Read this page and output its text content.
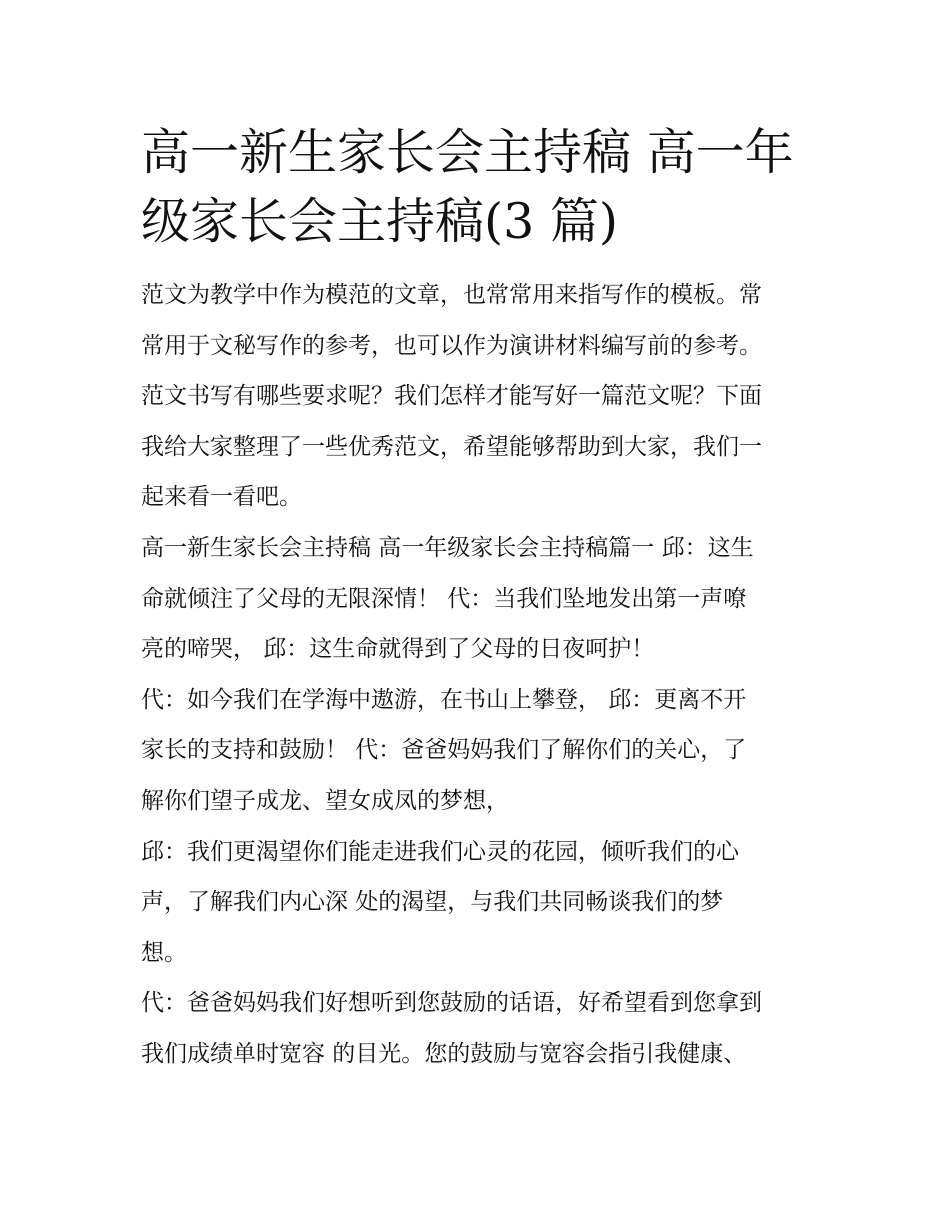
高一新生家长会主持稿 高一年
级家长会主持稿(3 篇)

范文为教学中作为模范的文章，也常常用来指写作的模板。常
常用于文秘写作的参考，也可以作为演讲材料编写前的参考。
范文书写有哪些要求呢？我们怎样才能写好一篇范文呢？下面
我给大家整理了一些优秀范文，希望能够帮助到大家，我们一
起来看一看吧。

高一新生家长会主持稿 高一年级家长会主持稿篇一 邱：这生
命就倾注了父母的无限深情！ 代：当我们坠地发出第一声嘹
亮的啼哭， 邱：这生命就得到了父母的日夜呵护！

代：如今我们在学海中遨游，在书山上攀登， 邱：更离不开
家长的支持和鼓励！ 代：爸爸妈妈我们了解你们的关心，了
解你们望子成龙、望女成凤的梦想，

邱：我们更渴望你们能走进我们心灵的花园，倾听我们的心
声，了解我们内心深 处的渴望，与我们共同畅谈我们的梦
想。

代：爸爸妈妈我们好想听到您鼓励的话语，好希望看到您拿到
我们成绩单时宽容 的目光。您的鼓励与宽容会指引我健康、
